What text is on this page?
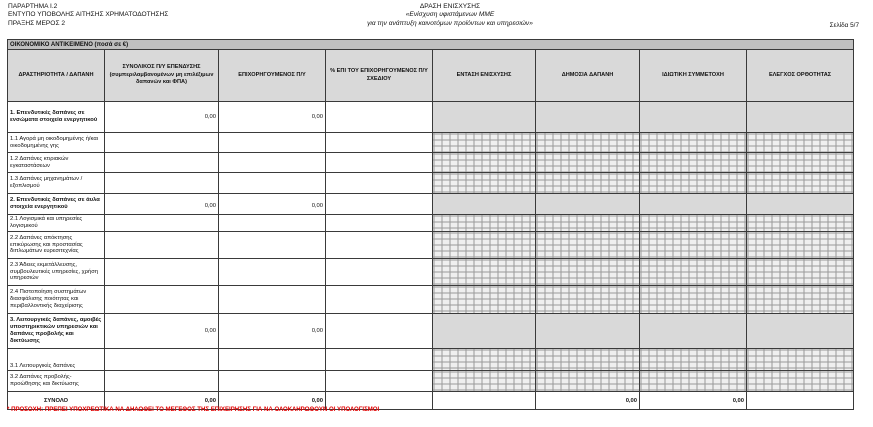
ΠΑΡΑΡΤΗΜΑ Ι.2
ΕΝΤΥΠΟ ΥΠΟΒΟΛΗΣ ΑΙΤΗΣΗΣ ΧΡΗΜΑΤΟΔΟΤΗΣΗΣ
ΠΡΑΞΗΣ ΜΕΡΟΣ 2
ΔΡΑΣΗ ΕΝΙΣΧΥΣΗΣ
«Ενίσχυση υφιστάμενων ΜΜΕ
για την ανάπτυξη καινοτόμων προϊόντων και υπηρεσιών»	Σελίδα 5/7
ΟΙΚΟΝΟΜΙΚΟ ΑΝΤΙΚΕΙΜΕΝΟ (ποσά σε €)							
ΔΡΑΣΤΗΡΙΟΤΗΤΑ / ΔΑΠΑΝΗ	ΣΥΝΟΛΙΚΟΣ Π/Υ ΕΠΕΝΔΥΣΗΣ (συμπεριλαμβανομένων μη επιλέξιμων δαπανών και ΦΠΑ)	ΕΠΙΧΟΡΗΓΟΥΜΕΝΟΣ Π/Υ	% ΕΠΙ ΤΟΥ ΕΠΙΧΟΡΗΓΟΥΜΕΝΟΣ Π/Υ ΣΧΕΔΙΟΥ	ΕΝΤΑΣΗ ΕΝΙΣΧΥΣΗΣ	ΔΗΜΟΣΙΑ ΔΑΠΑΝΗ	ΙΔΙΩΤΙΚΗ ΣΥΜΜΕΤΟΧΗ	ΕΛΕΓΧΟΣ ΟΡΘΟΤΗΤΑΣ
1. Επενδυτικές δαπάνες σε ενσώματα στοιχεία ενεργητικού	0,00	0,00					
1.1 Αγορά μη οικοδομημένης ή/και οικοδομημένης γης							
1.2 Δαπάνες κτιριακών εγκαταστάσεων							
1.3 Δαπάνες μηχανημάτων /εξοπλισμού							
2. Επενδυτικές δαπάνες σε άυλα στοιχεία ενεργητικού	0,00	0,00					
2.1 Λογισμικά και υπηρεσίες λογισμικού							
2.2 Δαπάνες απόκτησης επικύρωσης και προστασίας διπλωμάτων ευρεσιτεχνίας							
2.3 Άδειες εκμετάλλευσης, συμβουλευτικές υπηρεσίες, χρήση υπηρεσιών							
2.4 Πιστοποίηση συστημάτων διασφάλισης ποιότητας και περιβαλλοντικής διαχείρισης							
3. Λειτουργικές δαπάνες, αμοιβές υποστηρικτικών υπηρεσιών και δαπάνες προβολής και δικτύωσης	0,00	0,00					
3.1 Λειτουργικές δαπάνες							
3.2 Δαπάνες προβολής-προώθησης και δικτύωσης							
ΣΥΝΟΛΟ	0,00	0,00			0,00	0,00	
* ΠΡΟΣΟΧΗ: ΠΡΕΠΕΙ ΥΠΟΧΡΕΩΤΙΚΑ ΝΑ ΔΗΛΩΘΕΙ ΤΟ ΜΕΓΕΘΟΣ ΤΗΣ ΕΠΙΧΕΙΡΗΣΗΣ ΓΙΑ ΝΑ ΟΛΟΚΛΗΡΩΘΟΥΝ ΟΙ ΥΠΟΛΟΓΙΣΜΟΙ
